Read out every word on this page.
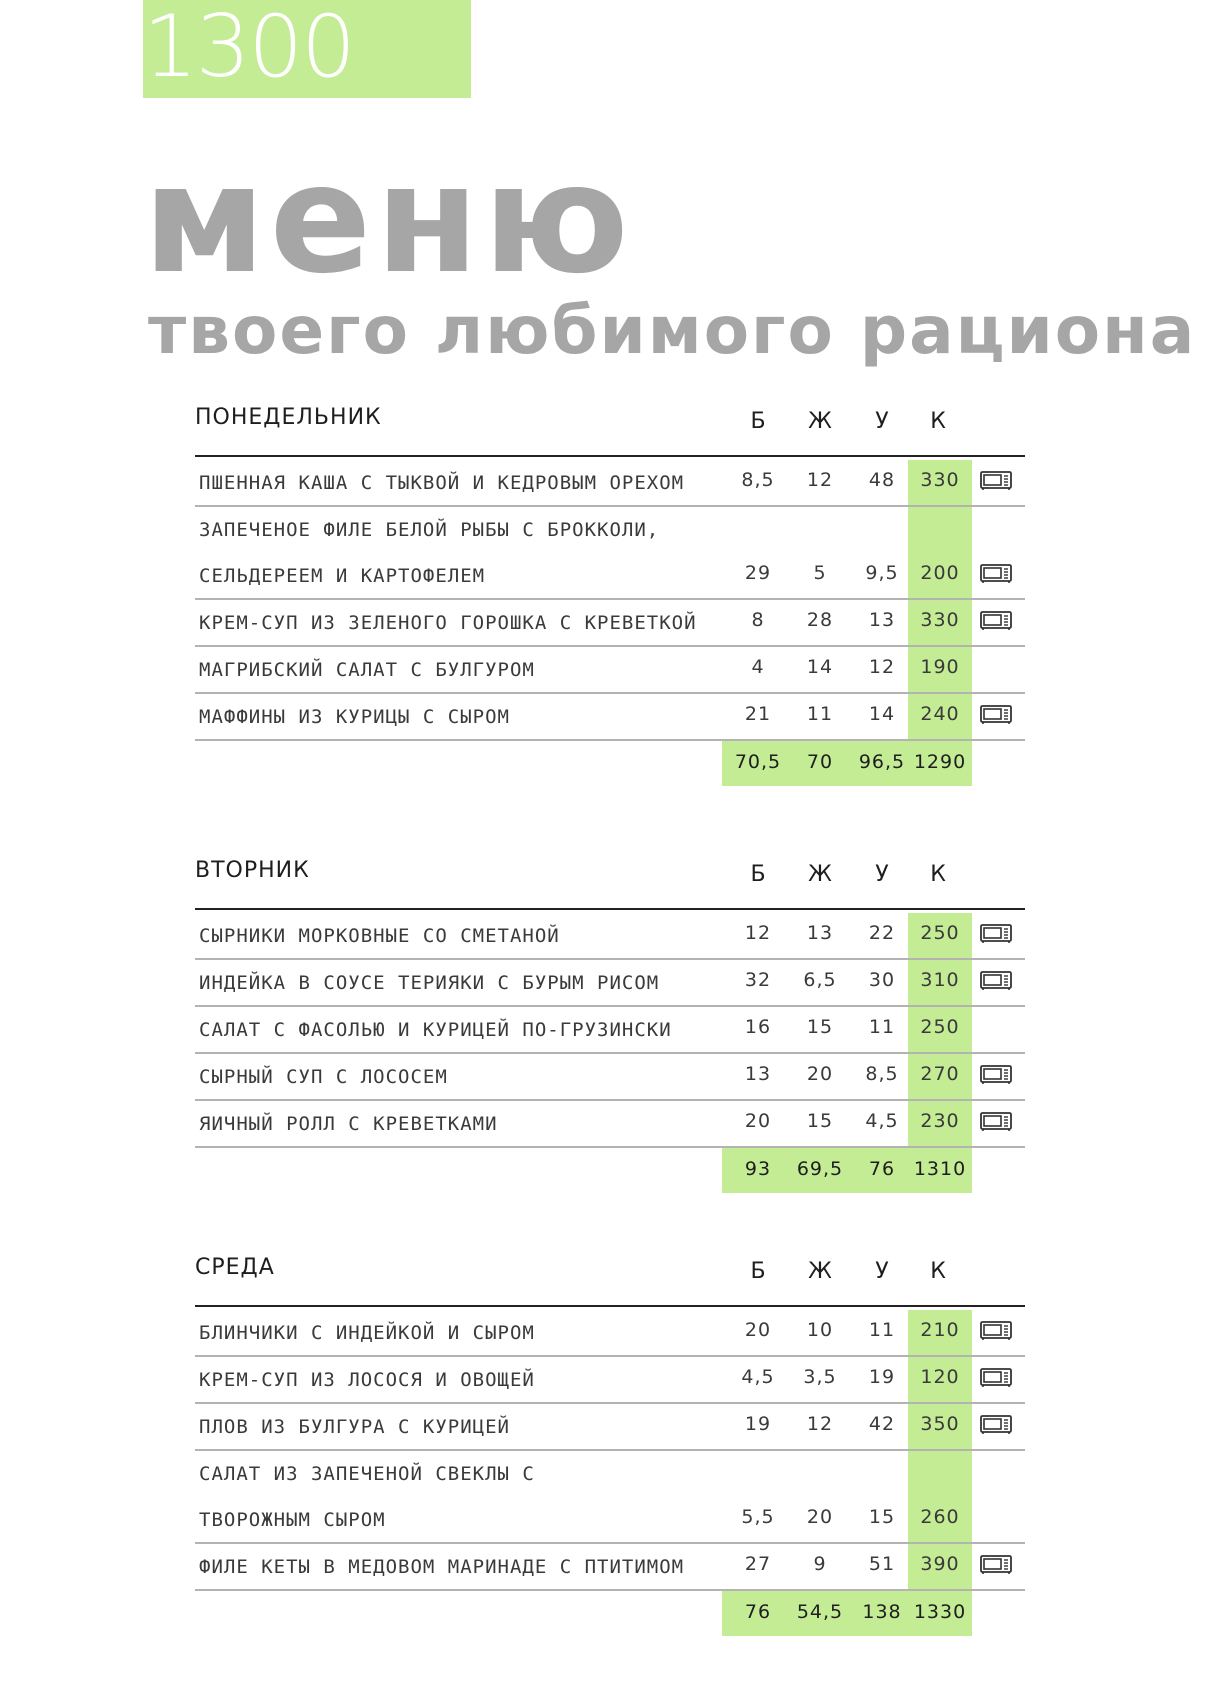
1300
меню
твоего любимого рациона
ПОНЕДЕЛЬНИК	Б	Ж	У	К
ПШЕННАЯ КАША С ТЫКВОЙ И КЕДРОВЫМ ОРЕХОМ	8,5	12	48	330
ЗАПЕЧЕНОЕ ФИЛЕ БЕЛОЙ РЫБЫ С БРОККОЛИ,
СЕЛЬДЕРЕЕМ И КАРТОФЕЛЕМ	29	5	9,5	200
КРЕМ-СУП ИЗ ЗЕЛЕНОГО ГОРОШКА С КРЕВЕТКОЙ	8	28	13	330
МАГРИБСКИЙ САЛАТ С БУЛГУРОМ	4	14	12	190
МАФФИНЫ ИЗ КУРИЦЫ С СЫРОМ	21	11	14	240
70,5	70	96,5 1290
ВТОРНИК	Б	Ж	У	К
СЫРНИКИ МОРКОВНЫЕ СО СМЕТАНОЙ	12	13	22	250
ИНДЕЙКА В СОУСЕ ТЕРИЯКИ С БУРЫМ РИСОМ	32	6,5	30	310
САЛАТ С ФАСОЛЬЮ И КУРИЦЕЙ ПО-ГРУЗИНСКИ	16	15	11	250
СЫРНЫЙ СУП С ЛОСОСЕМ	13	20	8,5	270
ЯИЧНЫЙ РОЛЛ С КРЕВЕТКАМИ	20	15	4,5	230
93	69,5	76 1310
СРЕДА	Б	Ж	У	К
БЛИНЧИКИ С ИНДЕЙКОЙ И СЫРОМ	20	10	11	210
КРЕМ-СУП ИЗ ЛОСОСЯ И ОВОЩЕЙ	4,5	3,5	19	120
ПЛОВ ИЗ БУЛГУРА С КУРИЦЕЙ	19	12	42	350
САЛАТ ИЗ ЗАПЕЧЕНОЙ СВЕКЛЫ С
ТВОРОЖНЫМ СЫРОМ	5,5	20	15	260
ФИЛЕ КЕТЫ В МЕДОВОМ МАРИНАДЕ С ПТИТИМОМ	27	9	51	390
76	54,5	138 1330
